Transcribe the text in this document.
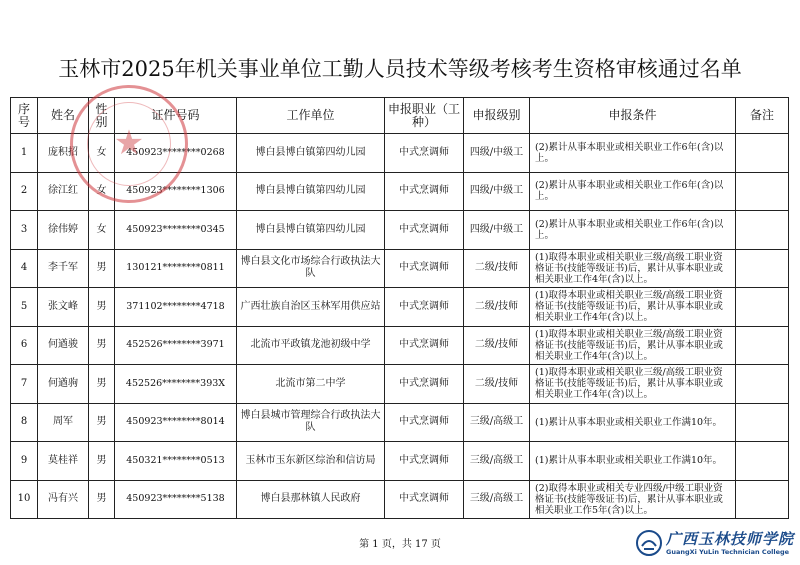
玉林市2025年机关事业单位工勤人员技术等级考核考生资格审核通过名单
序号	姓名	性别	证件号码	工作单位	申报职业（工种）	申报级别	申报条件	备注
1	庞积招	女	450923********0268	博白县博白镇第四幼儿园	中式烹调师	四级/中级工	(2)累计从事本职业或相关职业工作6年(含)以上。	
2	徐江红	女	450923********1306	博白县博白镇第四幼儿园	中式烹调师	四级/中级工	(2)累计从事本职业或相关职业工作6年(含)以上。	
3	徐伟婷	女	450923********0345	博白县博白镇第四幼儿园	中式烹调师	四级/中级工	(2)累计从事本职业或相关职业工作6年(含)以上。	
4	李千军	男	130121********0811	博白县文化市场综合行政执法大队	中式烹调师	二级/技师	(1)取得本职业或相关职业三级/高级工职业资格证书(技能等级证书)后，累计从事本职业或相关职业工作4年(含)以上。	
5	张文峰	男	371102********4718	广西壮族自治区玉林军用供应站	中式烹调师	二级/技师	(1)取得本职业或相关职业三级/高级工职业资格证书(技能等级证书)后，累计从事本职业或相关职业工作4年(含)以上。	
6	何遒骏	男	452526********3971	北流市平政镇龙池初级中学	中式烹调师	二级/技师	(1)取得本职业或相关职业三级/高级工职业资格证书(技能等级证书)后，累计从事本职业或相关职业工作4年(含)以上。	
7	何遒驹	男	452526********393X	北流市第二中学	中式烹调师	二级/技师	(1)取得本职业或相关职业三级/高级工职业资格证书(技能等级证书)后，累计从事本职业或相关职业工作4年(含)以上。	
8	周军	男	450923********8014	博白县城市管理综合行政执法大队	中式烹调师	三级/高级工	(1)累计从事本职业或相关职业工作满10年。	
9	莫桂祥	男	450321********0513	玉林市玉东新区综治和信访局	中式烹调师	三级/高级工	(1)累计从事本职业或相关职业工作满10年。	
10	冯有兴	男	450923********5138	博白县那林镇人民政府	中式烹调师	三级/高级工	(2)取得本职业或相关专业四级/中级工职业资格证书(技能等级证书)后，累计从事本职业或相关职业工作5年(含)以上。	
★
第 1 页，共 17 页	广西玉林技师学院
GuangXi YuLin Technician College
